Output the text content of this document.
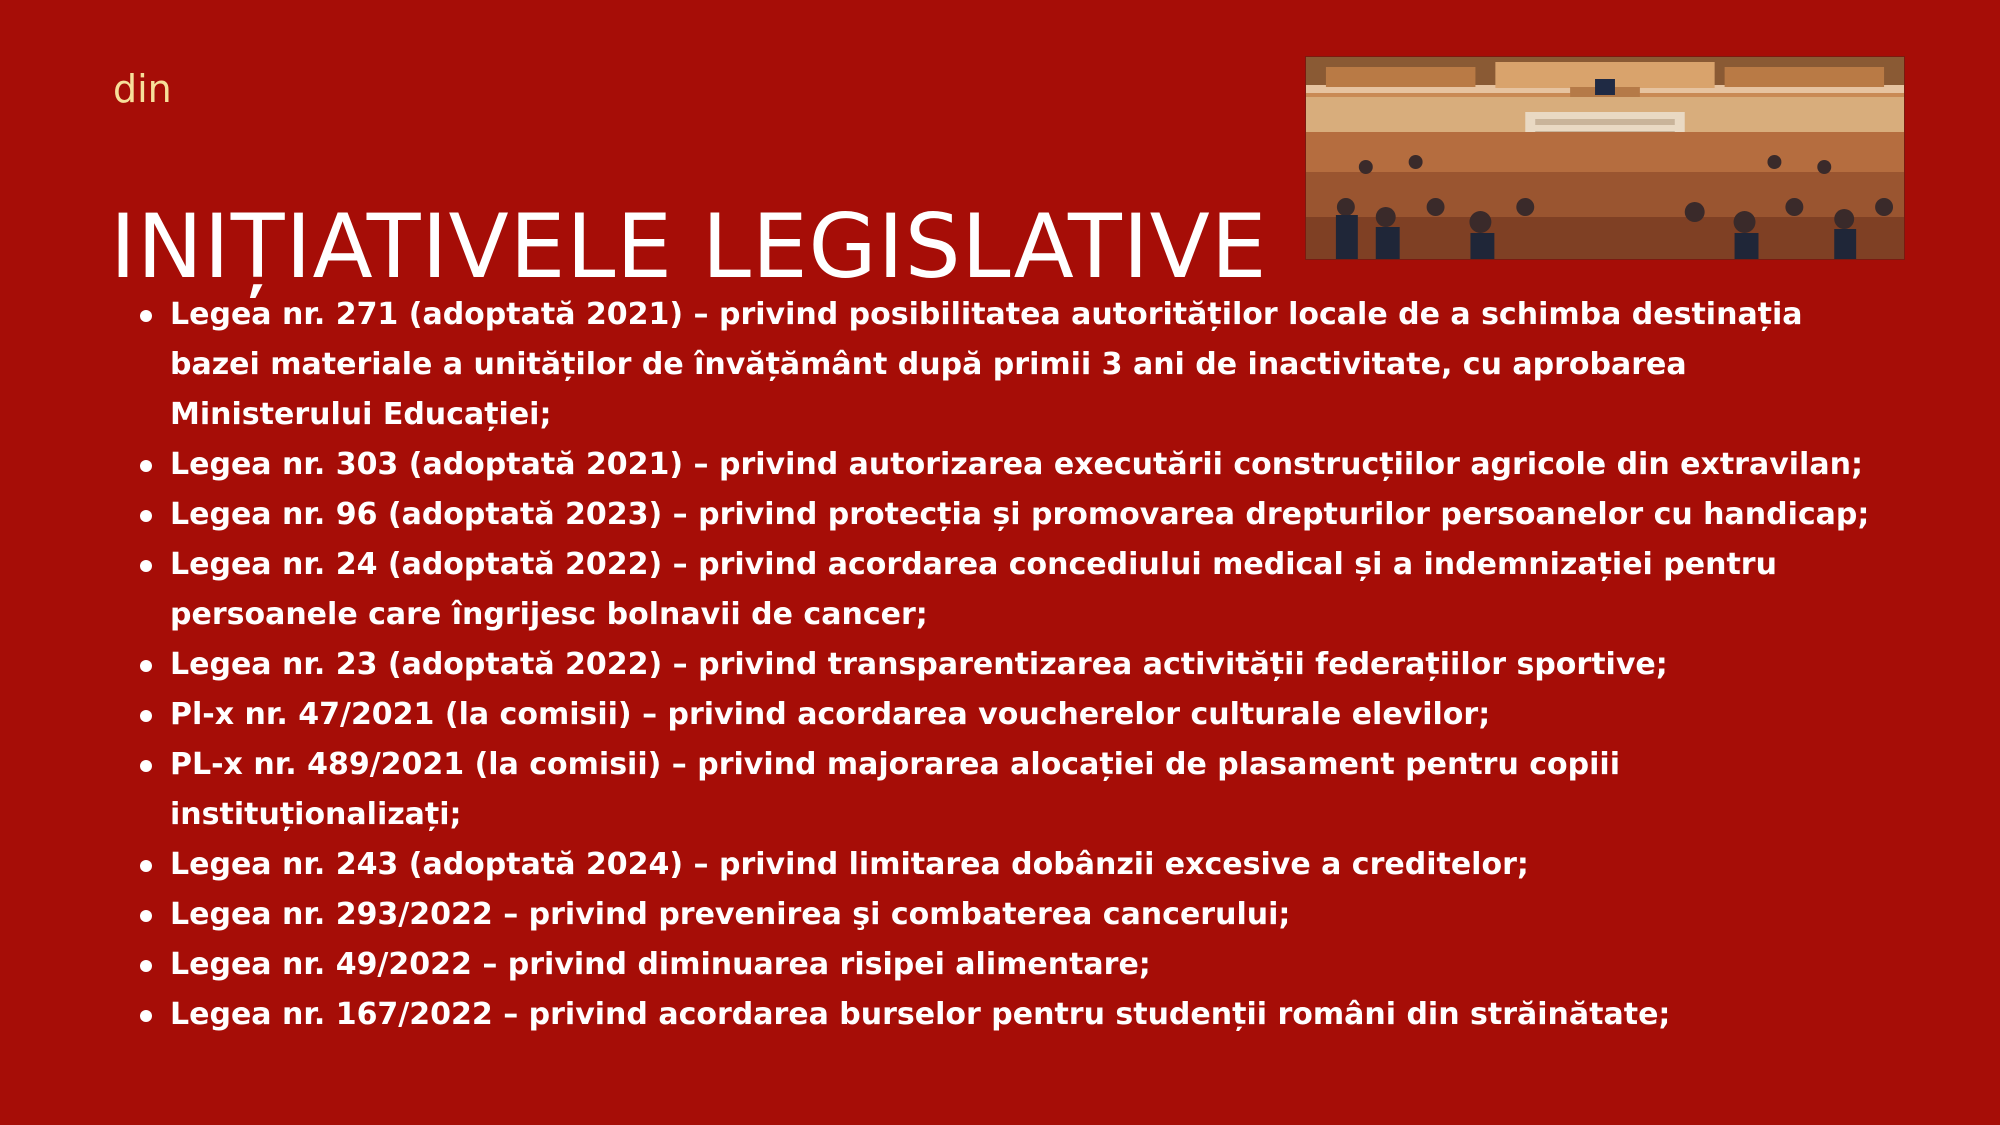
din
INIȚIATIVELE LEGISLATIVE
Legea nr. 271 (adoptată 2021) – privind posibilitatea autorităților locale de a schimba destinația bazei materiale a unităților de învățământ după primii 3 ani de inactivitate, cu aprobarea Ministerului Educației;
Legea nr. 303 (adoptată 2021) – privind autorizarea executării construcțiilor agricole din extravilan;
Legea nr. 96 (adoptată 2023) – privind protecția și promovarea drepturilor persoanelor cu handicap;
Legea nr. 24 (adoptată 2022) – privind acordarea concediului medical și a indemnizației pentru persoanele care îngrijesc bolnavii de cancer;
Legea nr. 23 (adoptată 2022) – privind transparentizarea activității federațiilor sportive;
Pl-x nr. 47/2021 (la comisii) – privind acordarea voucherelor culturale elevilor;
PL-x nr. 489/2021 (la comisii) – privind majorarea alocației de plasament pentru copiii instituționalizați;
Legea nr. 243 (adoptată 2024) – privind limitarea dobânzii excesive a creditelor;
Legea nr. 293/2022 – privind prevenirea şi combaterea cancerului;
Legea nr. 49/2022 – privind diminuarea risipei alimentare;
Legea nr. 167/2022 – privind acordarea burselor pentru studenții români din străinătate;
